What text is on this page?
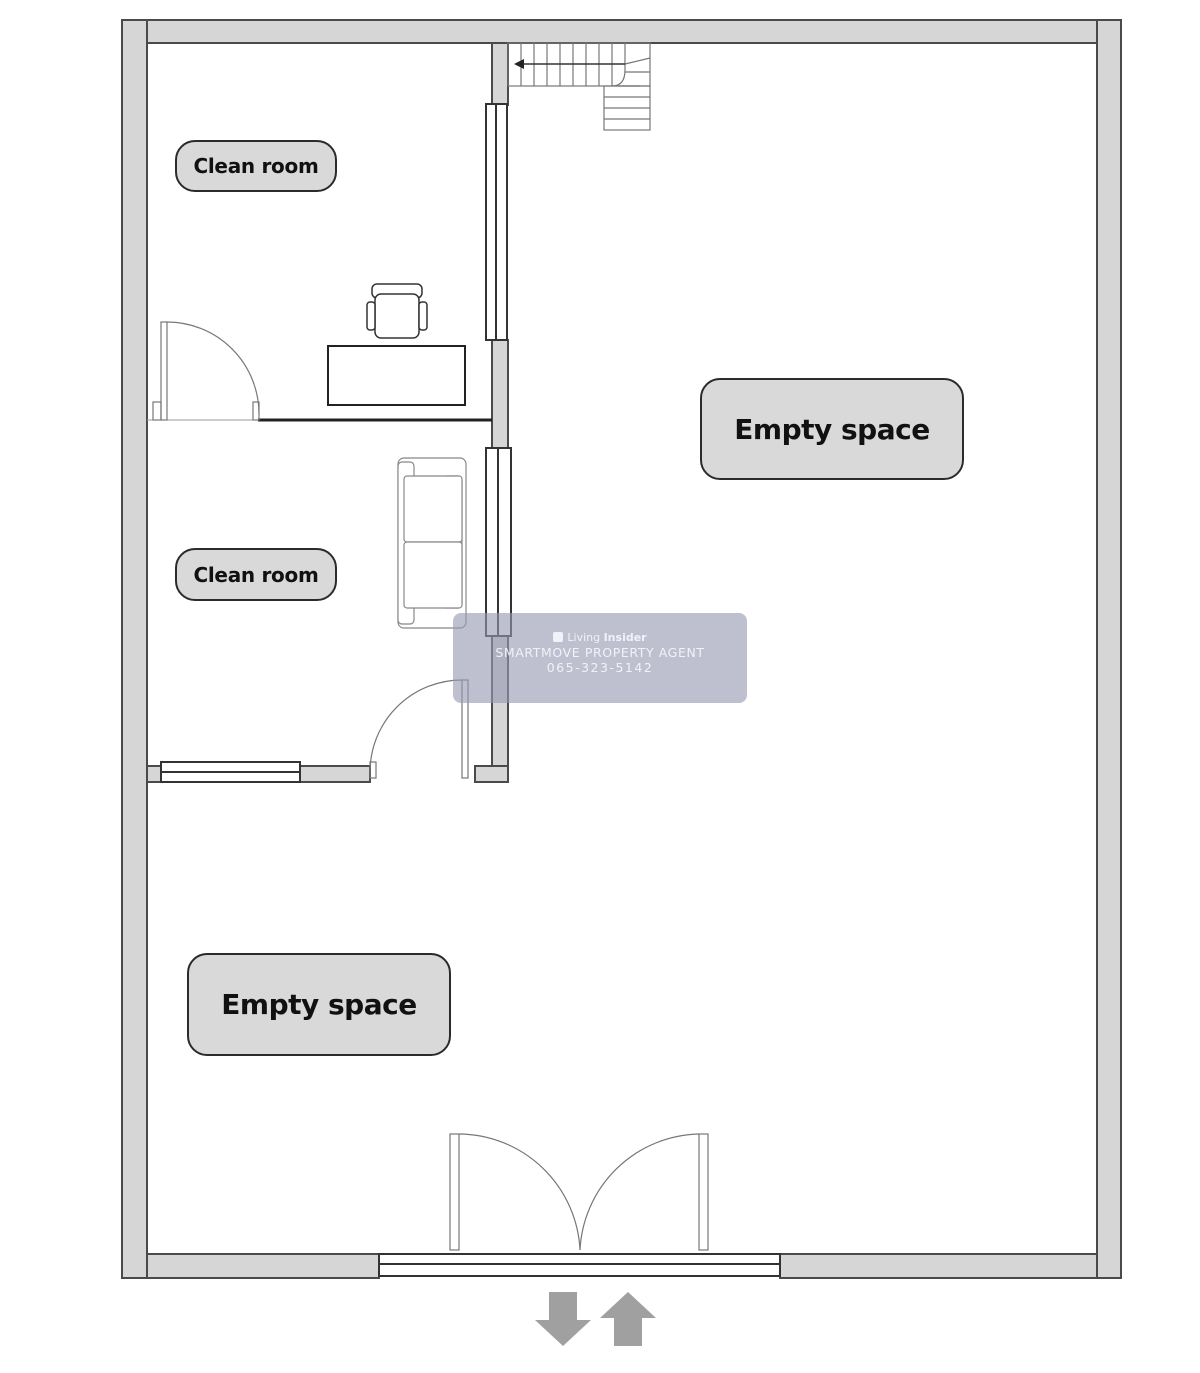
Clean room
Clean room
Empty space
Empty space
Living Insider
SMARTMOVE PROPERTY AGENT
065-323-5142
